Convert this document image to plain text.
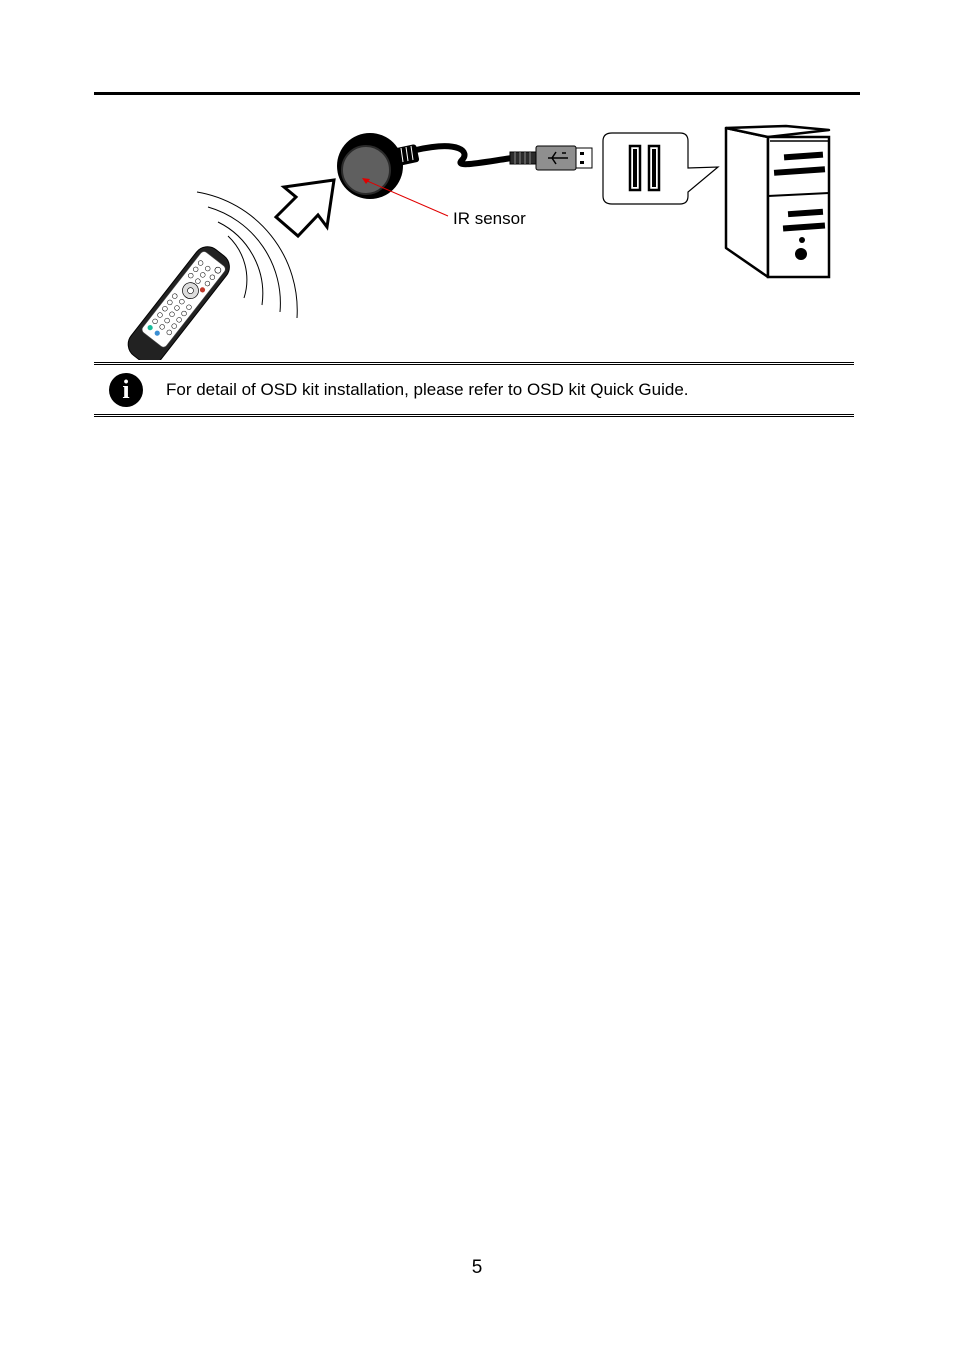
IR sensor
i	For detail of OSD kit installation, please refer to OSD kit Quick Guide.
5
